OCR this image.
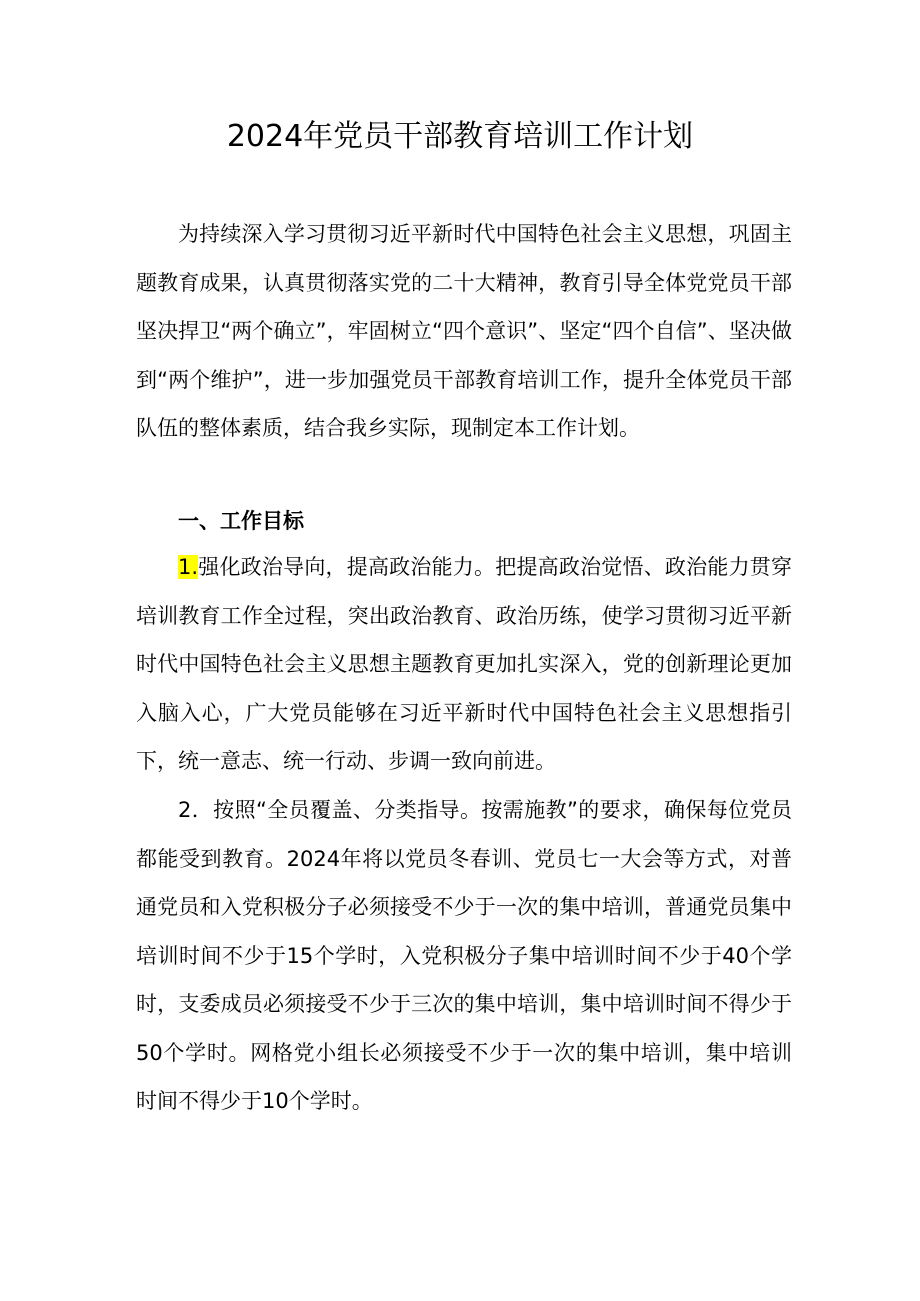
2024年党员干部教育培训工作计划
为持续深入学习贯彻习近平新时代中国特色社会主义思想，巩固主题教育成果，认真贯彻落实党的二十大精神，教育引导全体党党员干部坚决捍卫“两个确立”，牢固树立“四个意识”、坚定“四个自信”、坚决做到“两个维护”，进一步加强党员干部教育培训工作，提升全体党员干部队伍的整体素质，结合我乡实际，现制定本工作计划。
一、工作目标
1.强化政治导向，提高政治能力。把提高政治觉悟、政治能力贯穿培训教育工作全过程，突出政治教育、政治历练，使学习贯彻习近平新时代中国特色社会主义思想主题教育更加扎实深入，党的创新理论更加入脑入心，广大党员能够在习近平新时代中国特色社会主义思想指引下，统一意志、统一行动、步调一致向前进。
2．按照“全员覆盖、分类指导。按需施教”的要求，确保每位党员都能受到教育。2024年将以党员冬春训、党员七一大会等方式，对普通党员和入党积极分子必须接受不少于一次的集中培训，普通党员集中培训时间不少于15个学时，入党积极分子集中培训时间不少于40个学时，支委成员必须接受不少于三次的集中培训，集中培训时间不得少于50个学时。网格党小组长必须接受不少于一次的集中培训，集中培训时间不得少于10个学时。
